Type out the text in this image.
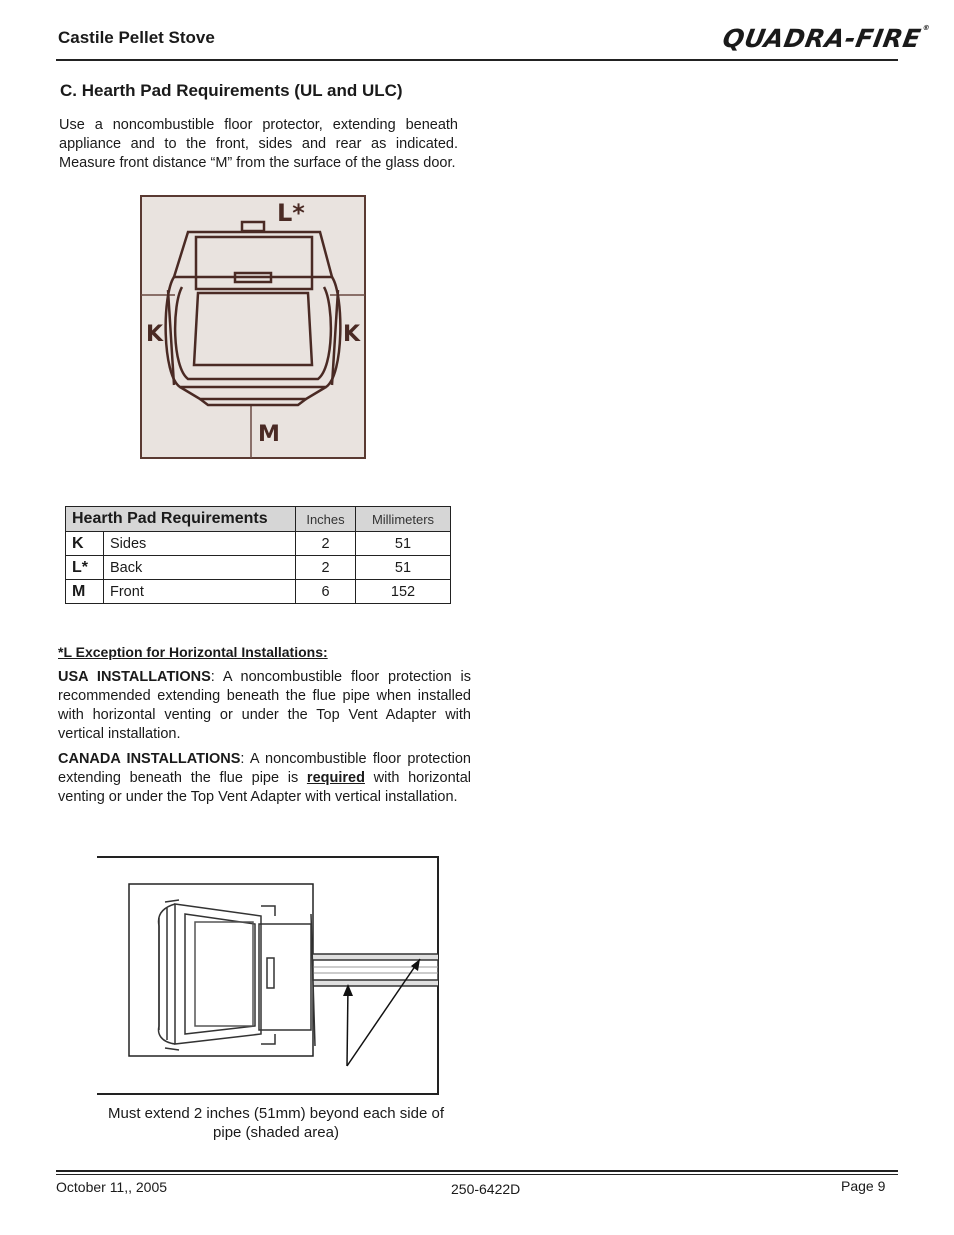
Castile Pellet Stove	QUADRA-FIRE®
C. Hearth Pad Requirements (UL and ULC)
Use a noncombustible floor protector, extending beneath appliance and to the front, sides and rear as indicated. Measure front distance “M” from the surface of the glass door.
L*
K	K
M
Hearth Pad Requirements		Inches	Millimeters
K	Sides	2	51
L*	Back	2	51
M	Front	6	152
*L Exception for Horizontal Installations:
USA INSTALLATIONS: A noncombustible floor protection is recommended extending beneath the flue pipe when installed with horizontal venting or under the Top Vent Adapter with vertical installation.
CANADA INSTALLATIONS: A noncombustible floor protection extending beneath the flue pipe is required with horizontal venting or under the Top Vent Adapter with vertical installation.
Must extend 2 inches (51mm) beyond each side of pipe (shaded area)
October 11,, 2005	250-6422D	Page 9
